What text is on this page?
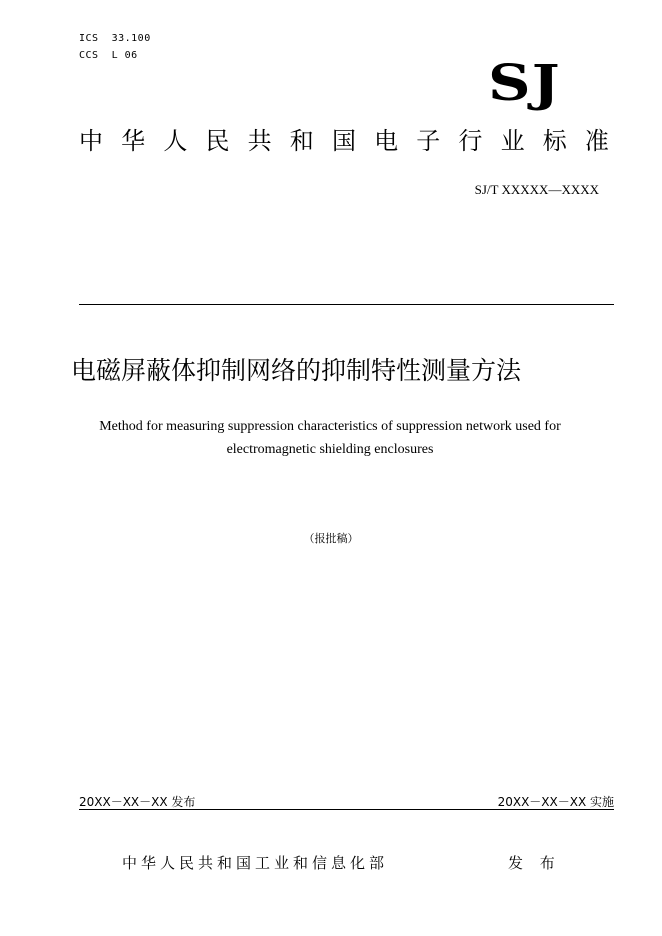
ICS  33.100
CCS  L 06	SJ
中 华 人 民 共 和 国 电 子 行 业 标 准
SJ/T XXXXX—XXXX
电磁屏蔽体抑制网络的抑制特性测量方法
Method for measuring suppression characteristics of suppression network used for
electromagnetic shielding enclosures
（报批稿）
20XX－XX－XX 发布	20XX－XX－XX 实施
中华人民共和国工业和信息化部	发 布
